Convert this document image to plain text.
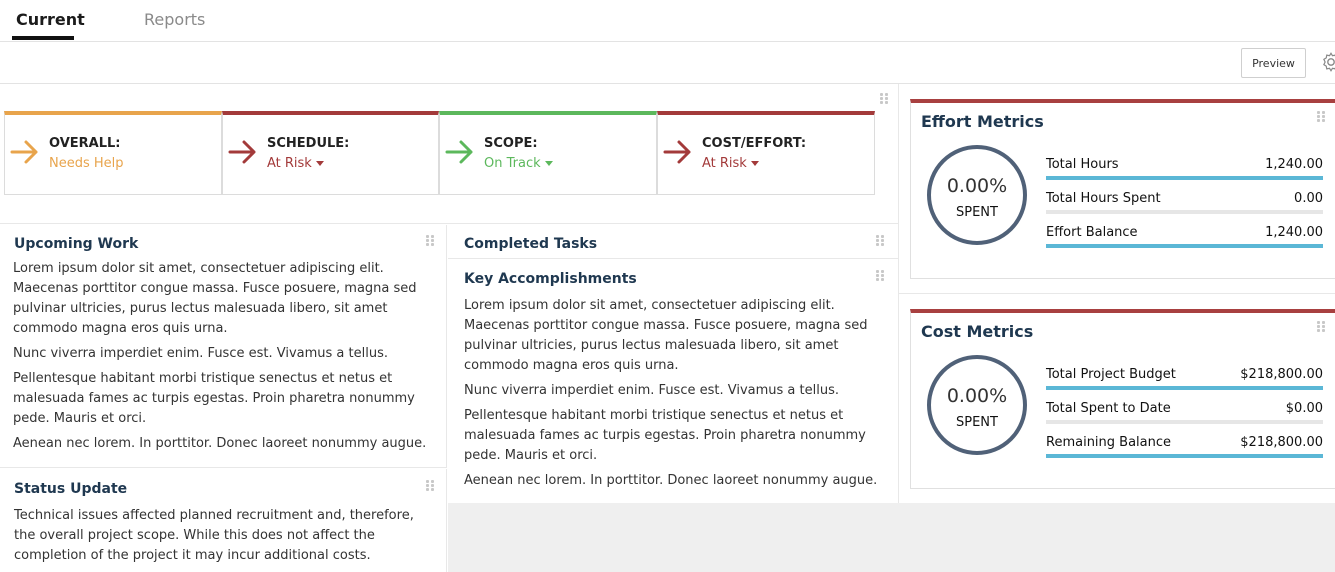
Current	Reports
Preview
OVERALL:
Needs Help
SCHEDULE:
At Risk
SCOPE:
On Track
COST/EFFORT:
At Risk
Upcoming Work

Lorem ipsum dolor sit amet, consectetuer adipiscing elit. Maecenas porttitor congue massa. Fusce posuere, magna sed pulvinar ultricies, purus lectus malesuada libero, sit amet commodo magna eros quis urna.

Nunc viverra imperdiet enim. Fusce est. Vivamus a tellus.

Pellentesque habitant morbi tristique senectus et netus et malesuada fames ac turpis egestas. Proin pharetra nonummy pede. Mauris et orci.

Aenean nec lorem. In porttitor. Donec laoreet nonummy augue.

Status Update

Technical issues affected planned recruitment and, therefore, the overall project scope. While this does not affect the completion of the project it may incur additional costs.

Completed Tasks
Key Accomplishments

Lorem ipsum dolor sit amet, consectetuer adipiscing elit. Maecenas porttitor congue massa. Fusce posuere, magna sed pulvinar ultricies, purus lectus malesuada libero, sit amet commodo magna eros quis urna.

Nunc viverra imperdiet enim. Fusce est. Vivamus a tellus.

Pellentesque habitant morbi tristique senectus et netus et malesuada fames ac turpis egestas. Proin pharetra nonummy pede. Mauris et orci.

Aenean nec lorem. In porttitor. Donec laoreet nonummy augue.

Effort Metrics
0.00%
SPENT
Total Hours	1,240.00
Total Hours Spent	0.00
Effort Balance	1,240.00
Cost Metrics
0.00%
SPENT
Total Project Budget	$218,800.00
Total Spent to Date	$0.00
Remaining Balance	$218,800.00
